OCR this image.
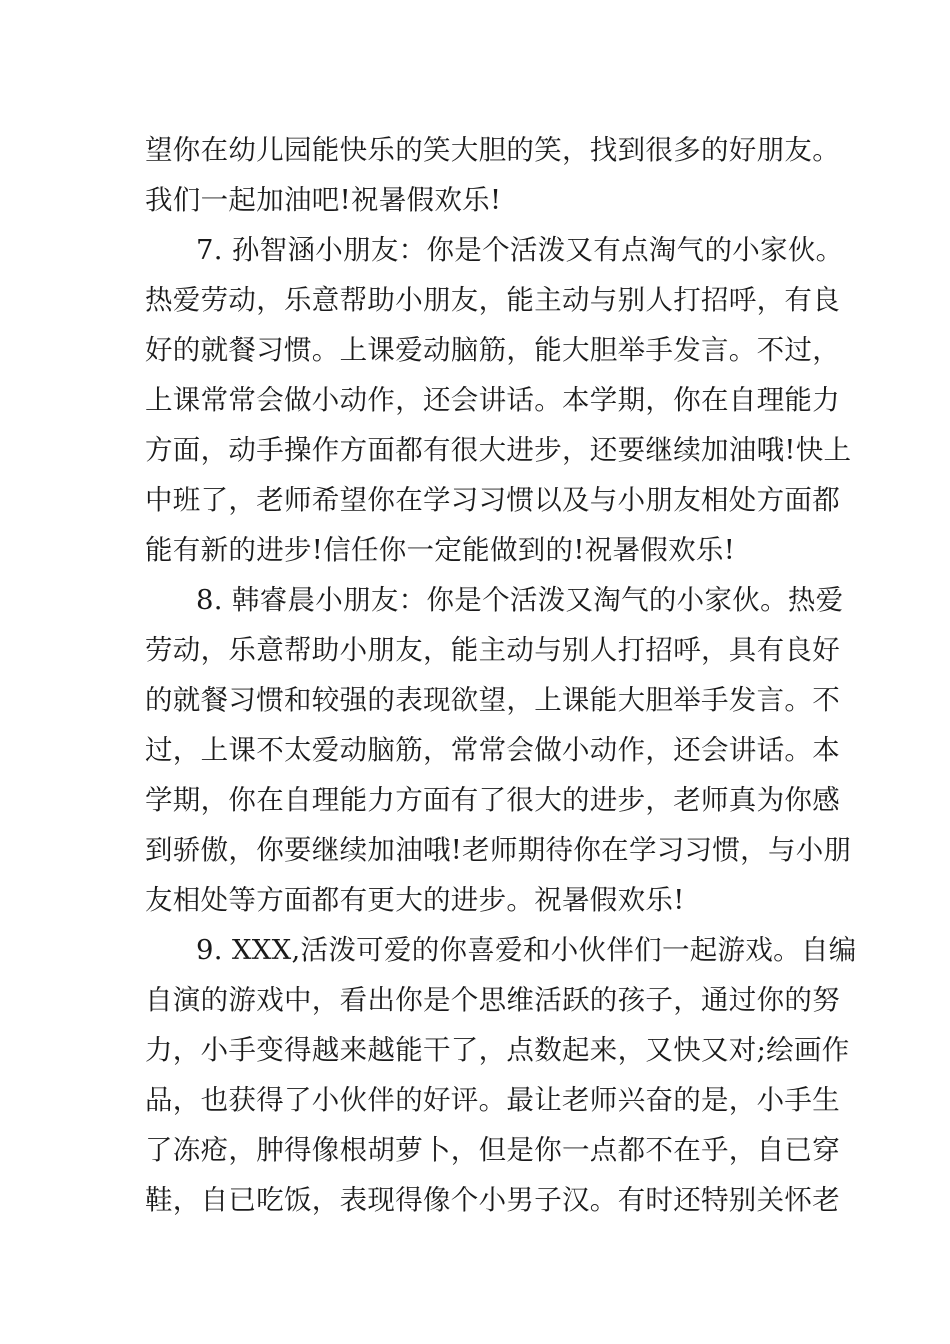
望你在幼儿园能快乐的笑大胆的笑，找到很多的好朋友。
我们一起加油吧!祝暑假欢乐!
7. 孙智涵小朋友：你是个活泼又有点淘气的小家伙。
热爱劳动，乐意帮助小朋友，能主动与别人打招呼，有良
好的就餐习惯。上课爱动脑筋，能大胆举手发言。不过，
上课常常会做小动作，还会讲话。本学期，你在自理能力
方面，动手操作方面都有很大进步，还要继续加油哦!快上
中班了，老师希望你在学习习惯以及与小朋友相处方面都
能有新的进步!信任你一定能做到的!祝暑假欢乐!
8. 韩睿晨小朋友：你是个活泼又淘气的小家伙。热爱
劳动，乐意帮助小朋友，能主动与别人打招呼，具有良好
的就餐习惯和较强的表现欲望，上课能大胆举手发言。不
过，上课不太爱动脑筋，常常会做小动作，还会讲话。本
学期，你在自理能力方面有了很大的进步，老师真为你感
到骄傲，你要继续加油哦!老师期待你在学习习惯，与小朋
友相处等方面都有更大的进步。祝暑假欢乐!
9. XXX,活泼可爱的你喜爱和小伙伴们一起游戏。自编
自演的游戏中，看出你是个思维活跃的孩子，通过你的努
力，小手变得越来越能干了，点数起来，又快又对;绘画作
品，也获得了小伙伴的好评。最让老师兴奋的是，小手生
了冻疮，肿得像根胡萝卜，但是你一点都不在乎，自已穿
鞋，自已吃饭，表现得像个小男子汉。有时还特别关怀老
